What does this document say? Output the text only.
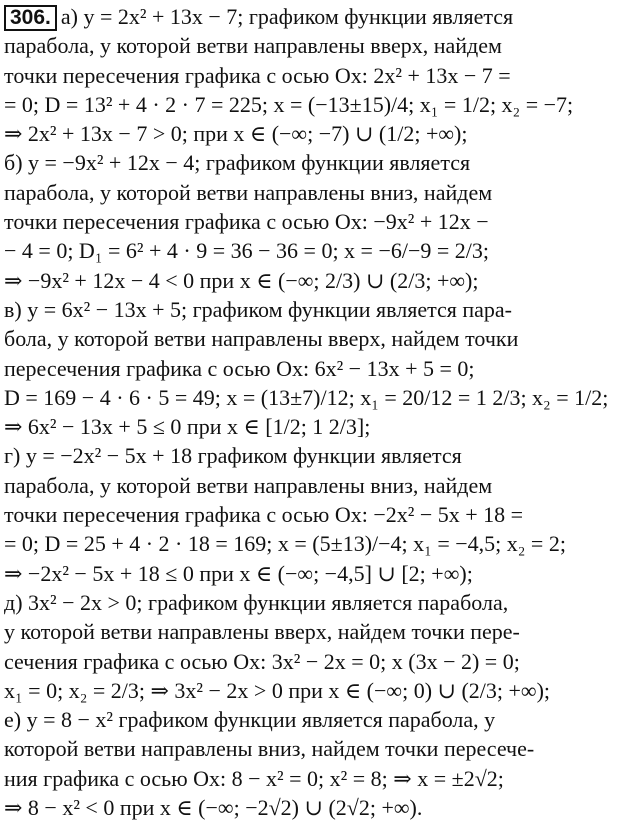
306. а) y = 2x² + 13x − 7; графиком функции является
парабола, у которой ветви направлены вверх, найдем
точки пересечения графика с осью Ox: 2x² + 13x − 7 =
= 0; D = 13² + 4 · 2 · 7 = 225; x = (−13±15)/4; x₁ = 1/2; x₂ = −7;
⇒ 2x² + 13x − 7 > 0; при x ∈ (−∞; −7) ∪ (1/2; +∞);
б) y = −9x² + 12x − 4; графиком функции является
парабола, у которой ветви направлены вниз, найдем
точки пересечения графика с осью Ox: −9x² + 12x −
− 4 = 0; D₁ = 6² + 4 · 9 = 36 − 36 = 0; x = −6/−9 = 2/3;
⇒ −9x² + 12x − 4 < 0 при x ∈ (−∞; 2/3) ∪ (2/3; +∞);
в) y = 6x² − 13x + 5; графиком функции является пара-
бола, у которой ветви направлены вверх, найдем точки
пересечения графика с осью Ox: 6x² − 13x + 5 = 0;
D = 169 − 4 · 6 · 5 = 49; x = (13±7)/12; x₁ = 20/12 = 1 2/3; x₂ = 1/2;
⇒ 6x² − 13x + 5 ≤ 0 при x ∈ [1/2; 1 2/3];
г) y = −2x² − 5x + 18 графиком функции является
парабола, у которой ветви направлены вниз, найдем
точки пересечения графика с осью Ox: −2x² − 5x + 18 =
= 0; D = 25 + 4 · 2 · 18 = 169; x = (5±13)/−4; x₁ = −4,5; x₂ = 2;
⇒ −2x² − 5x + 18 ≤ 0 при x ∈ (−∞; −4,5] ∪ [2; +∞);
д) 3x² − 2x > 0; графиком функции является парабола,
у которой ветви направлены вверх, найдем точки пере-
сечения графика с осью Ox: 3x² − 2x = 0; x (3x − 2) = 0;
x₁ = 0; x₂ = 2/3; ⇒ 3x² − 2x > 0 при x ∈ (−∞; 0) ∪ (2/3; +∞);
е) y = 8 − x² графиком функции является парабола, у
которой ветви направлены вниз, найдем точки пересече-
ния графика с осью Ox: 8 − x² = 0; x² = 8; ⇒ x = ±2√2;
⇒ 8 − x² < 0 при x ∈ (−∞; −2√2) ∪ (2√2; +∞).
